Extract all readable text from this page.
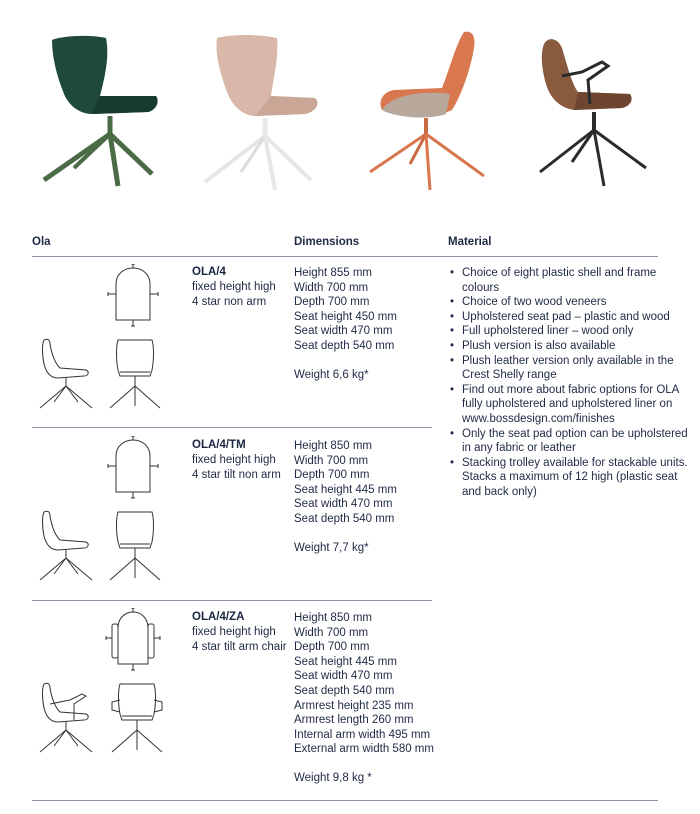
Ola	Dimensions	Material
OLA/4
fixed height high
4 star non arm
Height 855 mm
Width 700 mm
Depth 700 mm
Seat height 450 mm
Seat width 470 mm
Seat depth 540 mm
Weight 6,6 kg*
OLA/4/TM
fixed height high
4 star tilt non arm
Height 850 mm
Width 700 mm
Depth 700 mm
Seat height 445 mm
Seat width 470 mm
Seat depth 540 mm
Weight 7,7 kg*
OLA/4/ZA
fixed height high
4 star tilt arm chair
Height 850 mm
Width 700 mm
Depth 700 mm
Seat height 445 mm
Seat width 470 mm
Seat depth 540 mm
Armrest height 235 mm
Armrest length 260 mm
Internal arm width 495 mm
External arm width 580 mm
Weight 9,8 kg *
• Choice of eight plastic shell and frame colours
• Choice of two wood veneers
• Upholstered seat pad – plastic and wood
• Full upholstered liner – wood only
• Plush version is also available
• Plush leather version only available in the Crest Shelly range
• Find out more about fabric options for OLA fully upholstered and upholstered liner on www.bossdesign.com/finishes
• Only the seat pad option can be upholstered in any fabric or leather
• Stacking trolley available for stackable units. Stacks a maximum of 12 high (plastic seat and back only)
